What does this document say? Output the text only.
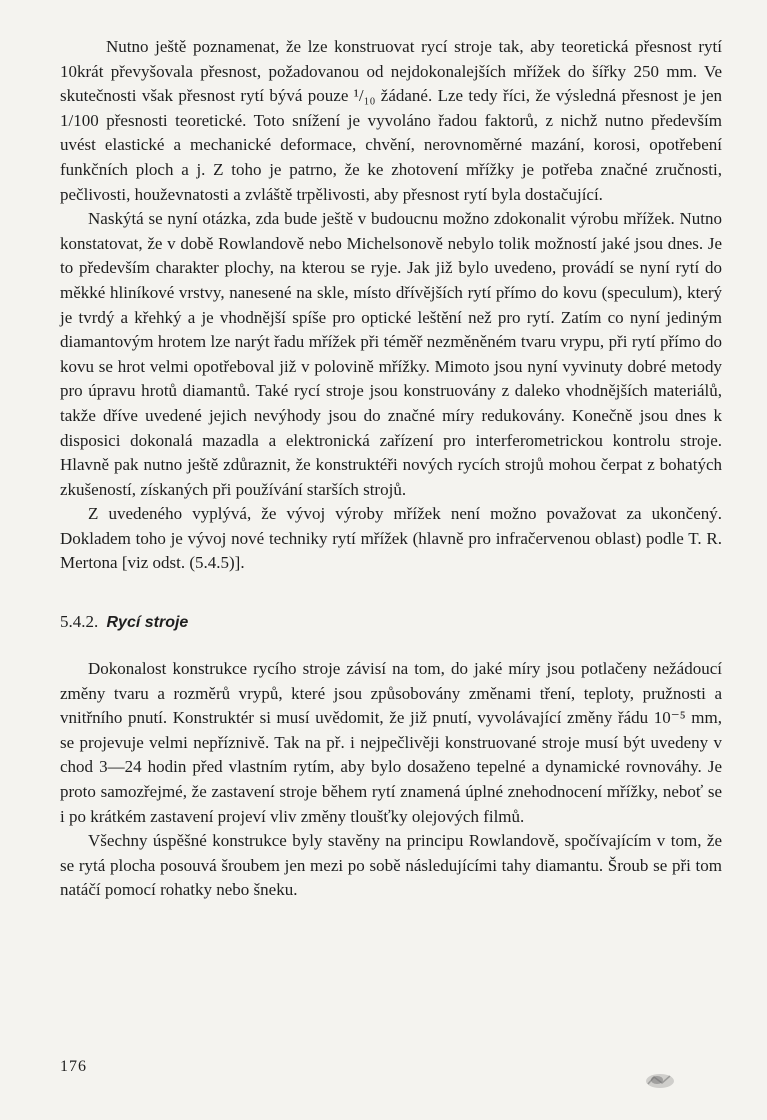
Nutno ještě poznamenat, že lze konstruovat rycí stroje tak, aby teoretická přesnost rytí 10krát převyšovala přesnost, požadovanou od nejdokonalejších mřížek do šířky 250 mm. Ve skutečnosti však přesnost rytí bývá pouze ¹/₁₀ žádané. Lze tedy říci, že výsledná přesnost je jen 1/100 přesnosti teoretické. Toto snížení je vyvoláno řadou faktorů, z nichž nutno především uvést elastické a mechanické deformace, chvění, nerovnoměrné mazání, korosi, opotřebení funkčních ploch a j. Z toho je patrno, že ke zhotovení mřížky je potřeba značné zručnosti, pečlivosti, houževnatosti a zvláště trpělivosti, aby přesnost rytí byla dostačující.

Naskýtá se nyní otázka, zda bude ještě v budoucnu možno zdokonalit výrobu mřížek. Nutno konstatovat, že v době Rowlandově nebo Michelsonově nebylo tolik možností jaké jsou dnes. Je to především charakter plochy, na kterou se ryje. Jak již bylo uvedeno, provádí se nyní rytí do měkké hliníkové vrstvy, nanesené na skle, místo dřívějších rytí přímo do kovu (speculum), který je tvrdý a křehký a je vhodnější spíše pro optické leštění než pro rytí. Zatím co nyní jediným diamantovým hrotem lze narýt řadu mřížek při téměř nezměněném tvaru vrypu, při rytí přímo do kovu se hrot velmi opotřeboval již v polovině mřížky. Mimoto jsou nyní vyvinuty dobré metody pro úpravu hrotů diamantů. Také rycí stroje jsou konstruovány z daleko vhodnějších materiálů, takže dříve uvedené jejich nevýhody jsou do značné míry redukovány. Konečně jsou dnes k disposici dokonalá mazadla a elektronická zařízení pro interferometrickou kontrolu stroje. Hlavně pak nutno ještě zdůraznit, že konstruktéři nových rycích strojů mohou čerpat z bohatých zkušeností, získaných při používání starších strojů.

Z uvedeného vyplývá, že vývoj výroby mřížek není možno považovat za ukončený. Dokladem toho je vývoj nové techniky rytí mřížek (hlavně pro infračervenou oblast) podle T. R. Mertona [viz odst. (5.4.5)].

5.4.2. Rycí stroje

Dokonalost konstrukce rycího stroje závisí na tom, do jaké míry jsou potlačeny nežádoucí změny tvaru a rozměrů vrypů, které jsou způsobovány změnami tření, teploty, pružnosti a vnitřního pnutí. Konstruktér si musí uvědomit, že již pnutí, vyvolávající změny řádu 10⁻⁵ mm, se projevuje velmi nepříznivě. Tak na př. i nejpečlivěji konstruované stroje musí být uvedeny v chod 3—24 hodin před vlastním rytím, aby bylo dosaženo tepelné a dynamické rovnováhy. Je proto samozřejmé, že zastavení stroje během rytí znamená úplné znehodnocení mřížky, neboť se i po krátkém zastavení projeví vliv změny tloušťky olejových filmů.

Všechny úspěšné konstrukce byly stavěny na principu Rowlandově, spočívajícím v tom, že se rytá plocha posouvá šroubem jen mezi po sobě následujícími tahy diamantu. Šroub se při tom natáčí pomocí rohatky nebo šneku.

176
